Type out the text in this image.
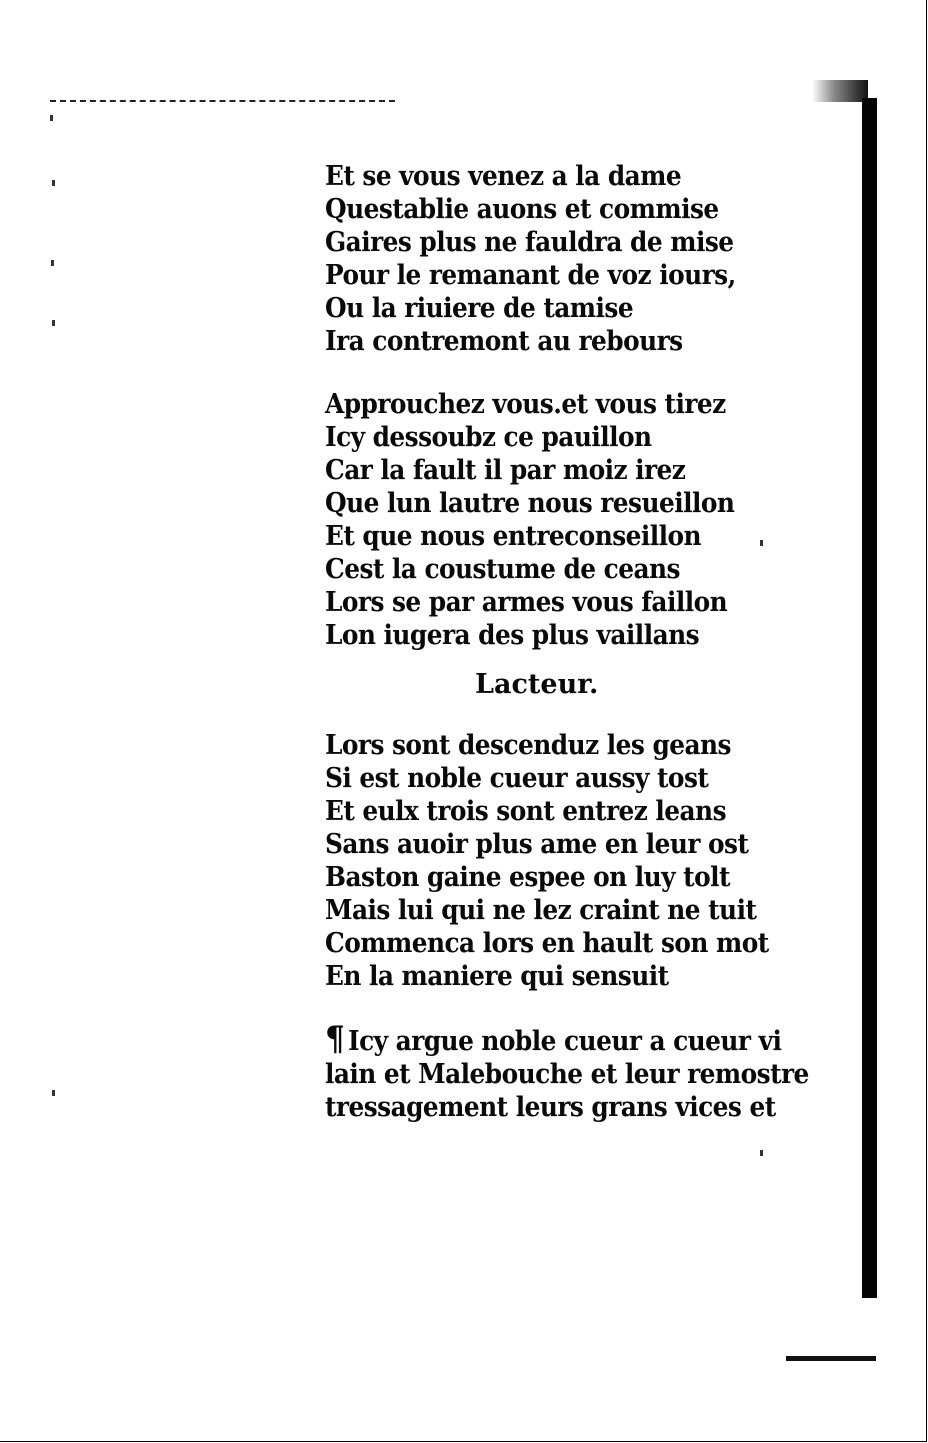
Et se vous venez a la dame
Questablie auons et commise
Gaires plus ne fauldra de mise
Pour le remanant de voz iours,
Ou la riuiere de tamise
Ira contremont au rebours
Approuchez vous.et vous tirez
Icy dessoubz ce pauillon
Car la fault il par moiz irez
Que lun lautre nous resueillon
Et que nous entreconseillon
Cest la coustume de ceans
Lors se par armes vous faillon
Lon iugera des plus vaillans
Lacteur.
Lors sont descenduz les geans
Si est noble cueur aussy tost
Et eulx trois sont entrez leans
Sans auoir plus ame en leur ost
Baston gaine espee on luy tolt
Mais lui qui ne lez craint ne tuit
Commenca lors en hault son mot
En la maniere qui sensuit
¶ Icy argue noble cueur a cueur vi
lain et Malebouche et leur remostre
tressagement leurs grans vices et
